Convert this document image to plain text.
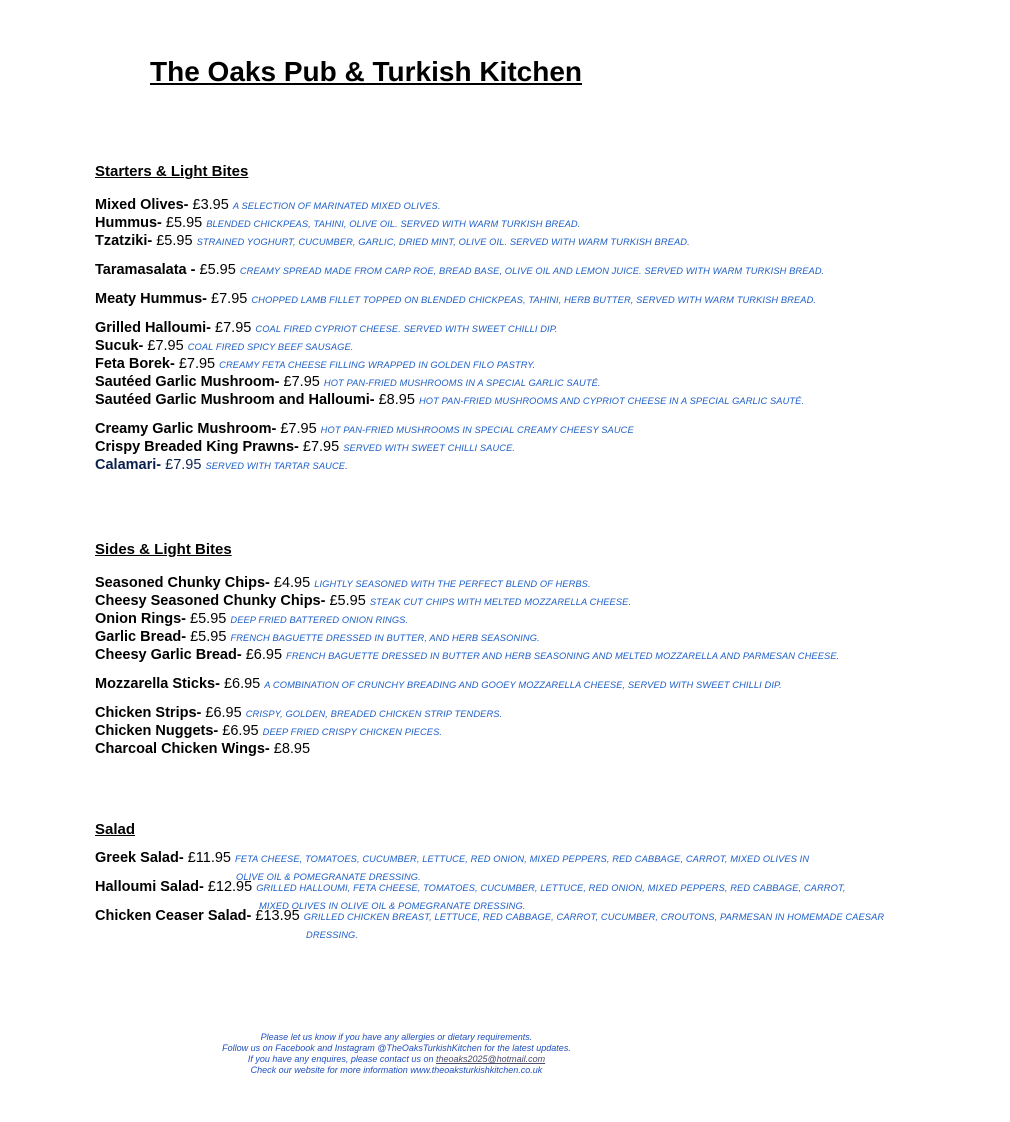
The Oaks Pub & Turkish Kitchen
Starters & Light Bites
Mixed Olives- £3.95 A SELECTION OF MARINATED MIXED OLIVES.
Hummus- £5.95 BLENDED CHICKPEAS, TAHINI, OLIVE OIL. SERVED WITH WARM TURKISH BREAD.
Tzatziki- £5.95 STRAINED YOGHURT, CUCUMBER, GARLIC, DRIED MINT, OLIVE OIL. SERVED WITH WARM TURKISH BREAD.
Taramasalata - £5.95 CREAMY SPREAD MADE FROM CARP ROE, BREAD BASE, OLIVE OIL AND LEMON JUICE. SERVED WITH WARM TURKISH BREAD.
Meaty Hummus- £7.95 CHOPPED LAMB FILLET TOPPED ON BLENDED CHICKPEAS, TAHINI, HERB BUTTER, SERVED WITH WARM TURKISH BREAD.
Grilled Halloumi- £7.95 COAL FIRED CYPRIOT CHEESE. SERVED WITH SWEET CHILLI DIP.
Sucuk- £7.95 COAL FIRED SPICY BEEF SAUSAGE.
Feta Borek- £7.95 CREAMY FETA CHEESE FILLING WRAPPED IN GOLDEN FILO PASTRY.
Sautéed Garlic Mushroom- £7.95 HOT PAN-FRIED MUSHROOMS IN A SPECIAL GARLIC SAUTÉ.
Sautéed Garlic Mushroom and Halloumi- £8.95 HOT PAN-FRIED MUSHROOMS AND CYPRIOT CHEESE IN A SPECIAL GARLIC SAUTÉ.
Creamy Garlic Mushroom- £7.95 HOT PAN-FRIED MUSHROOMS IN SPECIAL CREAMY CHEESY SAUCE
Crispy Breaded King Prawns- £7.95 SERVED WITH SWEET CHILLI SAUCE.
Calamari- £7.95 SERVED WITH TARTAR SAUCE.
Sides & Light Bites
Seasoned Chunky Chips- £4.95 LIGHTLY SEASONED WITH THE PERFECT BLEND OF HERBS.
Cheesy Seasoned Chunky Chips- £5.95 STEAK CUT CHIPS WITH MELTED MOZZARELLA CHEESE.
Onion Rings- £5.95 DEEP FRIED BATTERED ONION RINGS.
Garlic Bread- £5.95 FRENCH BAGUETTE DRESSED IN BUTTER, AND HERB SEASONING.
Cheesy Garlic Bread- £6.95 FRENCH BAGUETTE DRESSED IN BUTTER AND HERB SEASONING AND MELTED MOZZARELLA AND PARMESAN CHEESE.
Mozzarella Sticks- £6.95 A COMBINATION OF CRUNCHY BREADING AND GOOEY MOZZARELLA CHEESE, SERVED WITH SWEET CHILLI DIP.
Chicken Strips- £6.95 CRISPY, GOLDEN, BREADED CHICKEN STRIP TENDERS.
Chicken Nuggets- £6.95 DEEP FRIED CRISPY CHICKEN PIECES.
Charcoal Chicken Wings- £8.95
Salad
Greek Salad- £11.95 FETA CHEESE, TOMATOES, CUCUMBER, LETTUCE, RED ONION, MIXED PEPPERS, RED CABBAGE, CARROT, MIXED OLIVES IN OLIVE OIL & POMEGRANATE DRESSING.
Halloumi Salad- £12.95 GRILLED HALLOUMI, FETA CHEESE, TOMATOES, CUCUMBER, LETTUCE, RED ONION, MIXED PEPPERS, RED CABBAGE, CARROT, MIXED OLIVES IN OLIVE OIL & POMEGRANATE DRESSING.
Chicken Ceaser Salad- £13.95 GRILLED CHICKEN BREAST, LETTUCE, RED CABBAGE, CARROT, CUCUMBER, CROUTONS, PARMESAN IN HOMEMADE CAESAR DRESSING.
Please let us know if you have any allergies or dietary requirements.
Follow us on Facebook and Instagram @TheOaksTurkishKitchen for the latest updates.
If you have any enquires, please contact us on theoaks2025@hotmail.com
Check our website for more information www.theoaksturkishkitchen.co.uk
